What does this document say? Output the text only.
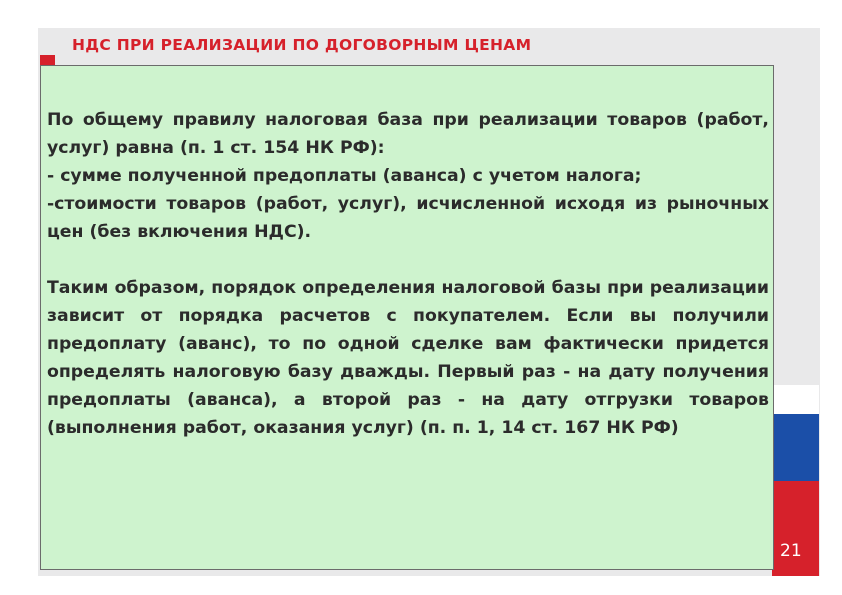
НДС ПРИ РЕАЛИЗАЦИИ ПО ДОГОВОРНЫМ ЦЕНАМ

По общему правилу налоговая база при реализации товаров (работ, услуг) равна (п. 1 ст. 154 НК РФ):

- сумме полученной предоплаты (аванса) с учетом налога;

-стоимости товаров (работ, услуг), исчисленной исходя из рыночных цен (без включения НДС).

Таким образом, порядок определения налоговой базы при реализации зависит от порядка расчетов с покупателем. Если вы получили предоплату (аванс), то по одной сделке вам фактически придется определять налоговую базу дважды. Первый раз - на дату получения предоплаты (аванса), а второй раз - на дату отгрузки товаров (выполнения работ, оказания услуг) (п. п. 1, 14 ст. 167 НК РФ)

21
